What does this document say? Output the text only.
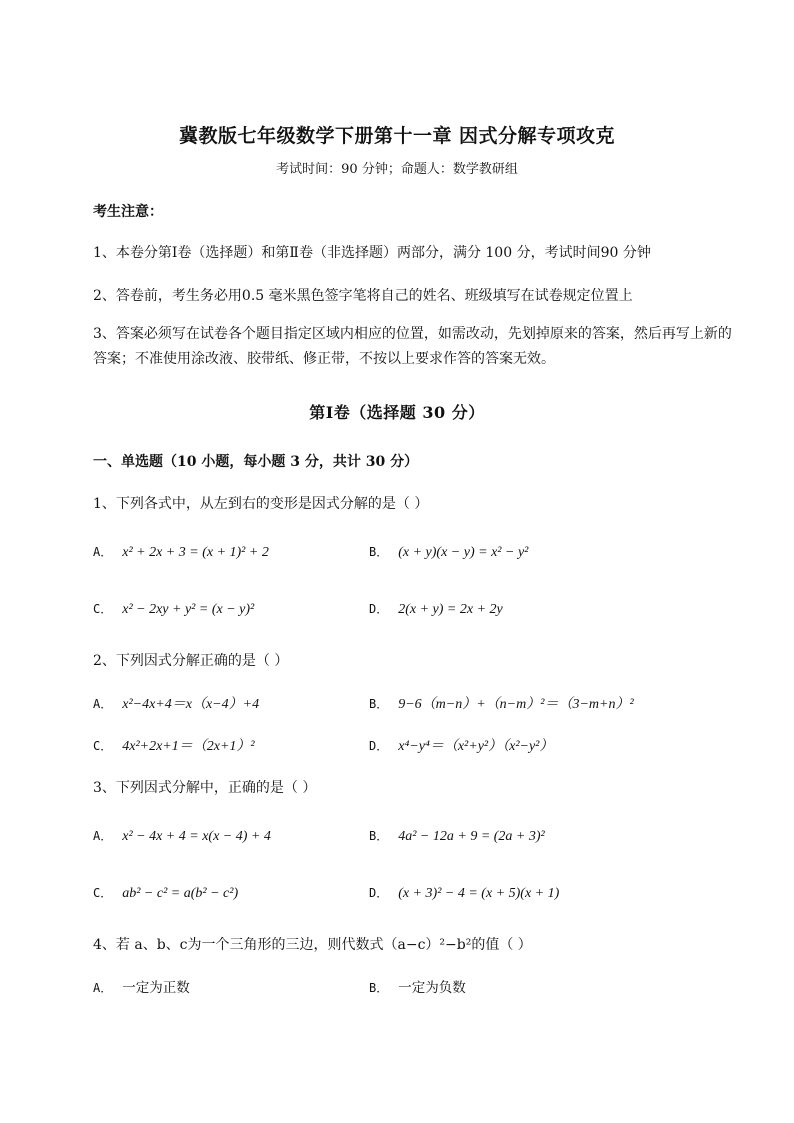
冀教版七年级数学下册第十一章 因式分解专项攻克
考试时间：90 分钟；命题人：数学教研组
考生注意：
1、本卷分第Ⅰ卷（选择题）和第Ⅱ卷（非选择题）两部分，满分 100 分，考试时间90 分钟
2、答卷前，考生务必用0.5 毫米黑色签字笔将自己的姓名、班级填写在试卷规定位置上
3、答案必须写在试卷各个题目指定区域内相应的位置，如需改动，先划掉原来的答案，然后再写上新的答案；不准使用涂改液、胶带纸、修正带，不按以上要求作答的答案无效。
第Ⅰ卷（选择题 30 分）
一、单选题（10 小题，每小题 3 分，共计 30 分）
1、下列各式中，从左到右的变形是因式分解的是（ ）
A． x² + 2x + 3 = (x + 1)² + 2	B． (x + y)(x − y) = x² − y²
C． x² − 2xy + y² = (x − y)²	D． 2(x + y) = 2x + 2y
2、下列因式分解正确的是（ ）
A． x²−4x+4＝x（x−4）+4	B． 9−6（m−n）+（n−m）²＝（3−m+n）²
C． 4x²+2x+1＝（2x+1）²	D． x⁴−y⁴＝（x²+y²）（x²−y²）
3、下列因式分解中，正确的是（ ）
A． x² − 4x + 4 = x(x − 4) + 4	B． 4a² − 12a + 9 = (2a + 3)²
C． ab² − c² = a(b² − c²)	D． (x + 3)² − 4 = (x + 5)(x + 1)
4、若 a、b、c为一个三角形的三边，则代数式（a−c）²−b²的值（ ）
A． 一定为正数	B． 一定为负数
